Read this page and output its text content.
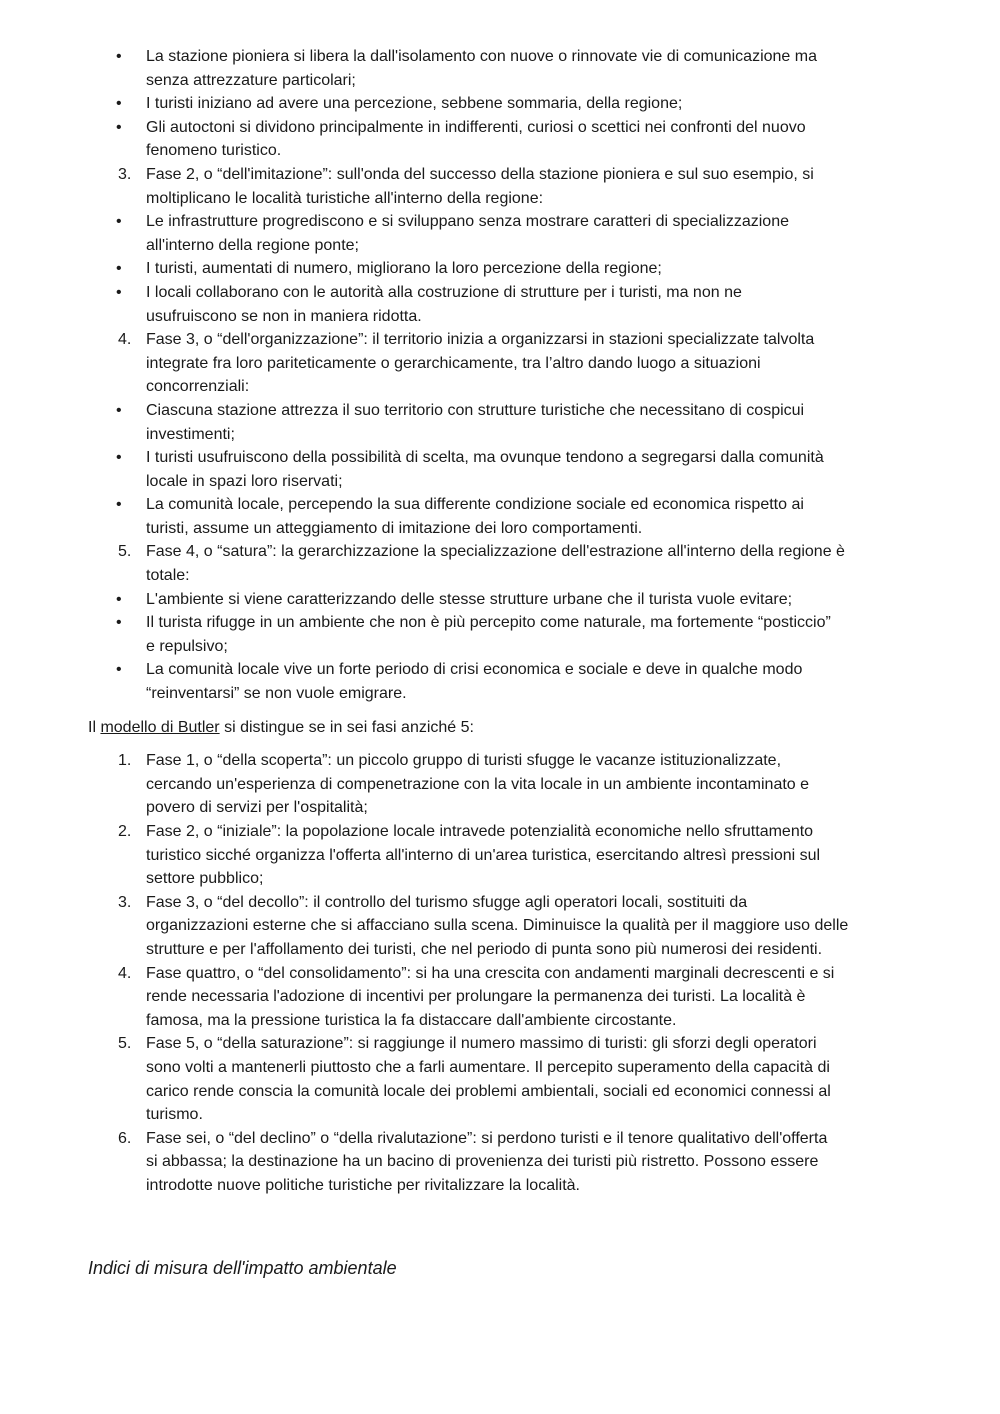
•	La stazione pioniera si libera la dall'isolamento con nuove o rinnovate vie di comunicazione ma
senza attrezzature particolari;
•	I turisti iniziano ad avere una percezione, sebbene sommaria, della regione;
•	Gli autoctoni si dividono principalmente in indifferenti, curiosi o scettici nei confronti del nuovo
fenomeno turistico.
3. Fase 2, o “dell'imitazione”: sull'onda del successo della stazione pioniera e sul suo esempio, si
moltiplicano le località turistiche all'interno della regione:
•	Le infrastrutture progrediscono e si sviluppano senza mostrare caratteri di specializzazione
all'interno della regione ponte;
•	I turisti, aumentati di numero, migliorano la loro percezione della regione;
•	I locali collaborano con le autorità alla costruzione di strutture per i turisti, ma non ne
usufruiscono se non in maniera ridotta.
4. Fase 3, o “dell'organizzazione”: il territorio inizia a organizzarsi in stazioni specializzate talvolta
integrate fra loro pariteticamente o gerarchicamente, tra l’altro dando luogo a situazioni
concorrenziali:
•	Ciascuna stazione attrezza il suo territorio con strutture turistiche che necessitano di cospicui
investimenti;
•	I turisti usufruiscono della possibilità di scelta, ma ovunque tendono a segregarsi dalla comunità
locale in spazi loro riservati;
•	La comunità locale, percependo la sua differente condizione sociale ed economica rispetto ai
turisti, assume un atteggiamento di imitazione dei loro comportamenti.
5. Fase 4, o “satura”: la gerarchizzazione la specializzazione dell'estrazione all'interno della regione è
totale:
•	L'ambiente si viene caratterizzando delle stesse strutture urbane che il turista vuole evitare;
•	Il turista rifugge in un ambiente che non è più percepito come naturale, ma fortemente “posticcio”
e repulsivo;
•	La comunità locale vive un forte periodo di crisi economica e sociale e deve in qualche modo
“reinventarsi” se non vuole emigrare.
Il modello di Butler si distingue se in sei fasi anziché 5:
1. Fase 1, o “della scoperta”: un piccolo gruppo di turisti sfugge le vacanze istituzionalizzate,
cercando un'esperienza di compenetrazione con la vita locale in un ambiente incontaminato e
povero di servizi per l'ospitalità;
2. Fase 2, o “iniziale”: la popolazione locale intravede potenzialità economiche nello sfruttamento
turistico sicché organizza l'offerta all'interno di un'area turistica, esercitando altresì pressioni sul
settore pubblico;
3. Fase 3, o “del decollo”: il controllo del turismo sfugge agli operatori locali, sostituiti da
organizzazioni esterne che si affacciano sulla scena. Diminuisce la qualità per il maggiore uso delle
strutture e per l'affollamento dei turisti, che nel periodo di punta sono più numerosi dei residenti.
4. Fase quattro, o “del consolidamento”: si ha una crescita con andamenti marginali decrescenti e si
rende necessaria l'adozione di incentivi per prolungare la permanenza dei turisti. La località è
famosa, ma la pressione turistica la fa distaccare dall'ambiente circostante.
5. Fase 5, o “della saturazione”: si raggiunge il numero massimo di turisti: gli sforzi degli operatori
sono volti a mantenerli piuttosto che a farli aumentare. Il percepito superamento della capacità di
carico rende conscia la comunità locale dei problemi ambientali, sociali ed economici connessi al
turismo.
6. Fase sei, o “del declino” o “della rivalutazione”: si perdono turisti e il tenore qualitativo dell'offerta
si abbassa; la destinazione ha un bacino di provenienza dei turisti più ristretto. Possono essere
introdotte nuove politiche turistiche per rivitalizzare la località.
Indici di misura dell'impatto ambientale
